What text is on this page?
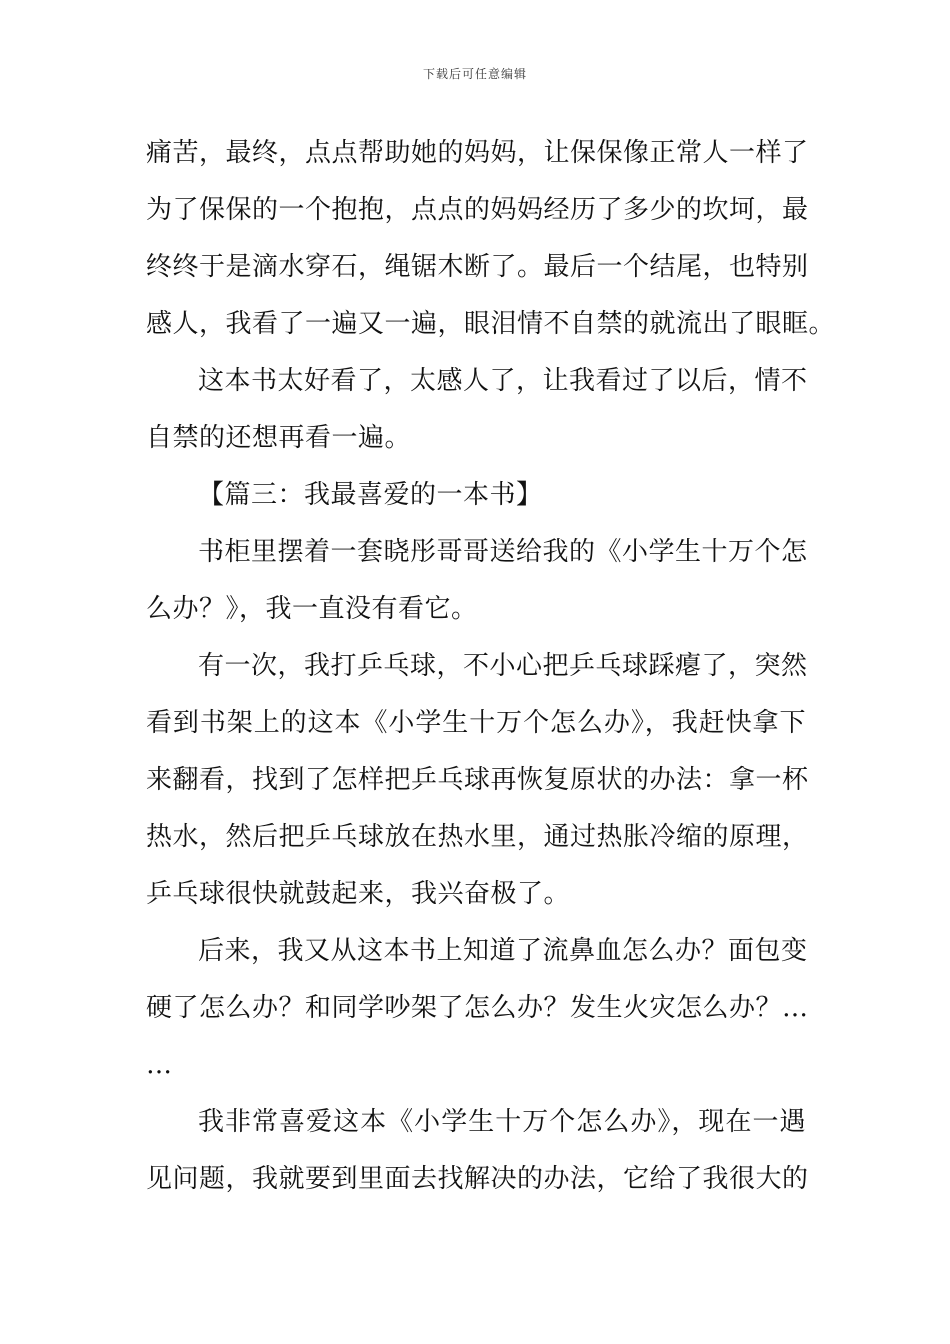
下载后可任意编辑
痛苦，最终，点点帮助她的妈妈，让保保像正常人一样了
为了保保的一个抱抱，点点的妈妈经历了多少的坎坷，最
终终于是滴水穿石，绳锯木断了。最后一个结尾，也特别
感人，我看了一遍又一遍，眼泪情不自禁的就流出了眼眶。
这本书太好看了，太感人了，让我看过了以后，情不
自禁的还想再看一遍。
【篇三：我最喜爱的一本书】
书柜里摆着一套晓彤哥哥送给我的《小学生十万个怎
么办？》，我一直没有看它。
有一次，我打乒乓球，不小心把乒乓球踩瘪了，突然
看到书架上的这本《小学生十万个怎么办》，我赶快拿下
来翻看，找到了怎样把乒乓球再恢复原状的办法：拿一杯
热水，然后把乒乓球放在热水里，通过热胀冷缩的原理，
乒乓球很快就鼓起来，我兴奋极了。
后来，我又从这本书上知道了流鼻血怎么办？面包变
硬了怎么办？和同学吵架了怎么办？发生火灾怎么办？…
…
我非常喜爱这本《小学生十万个怎么办》，现在一遇
见问题，我就要到里面去找解决的办法，它给了我很大的
